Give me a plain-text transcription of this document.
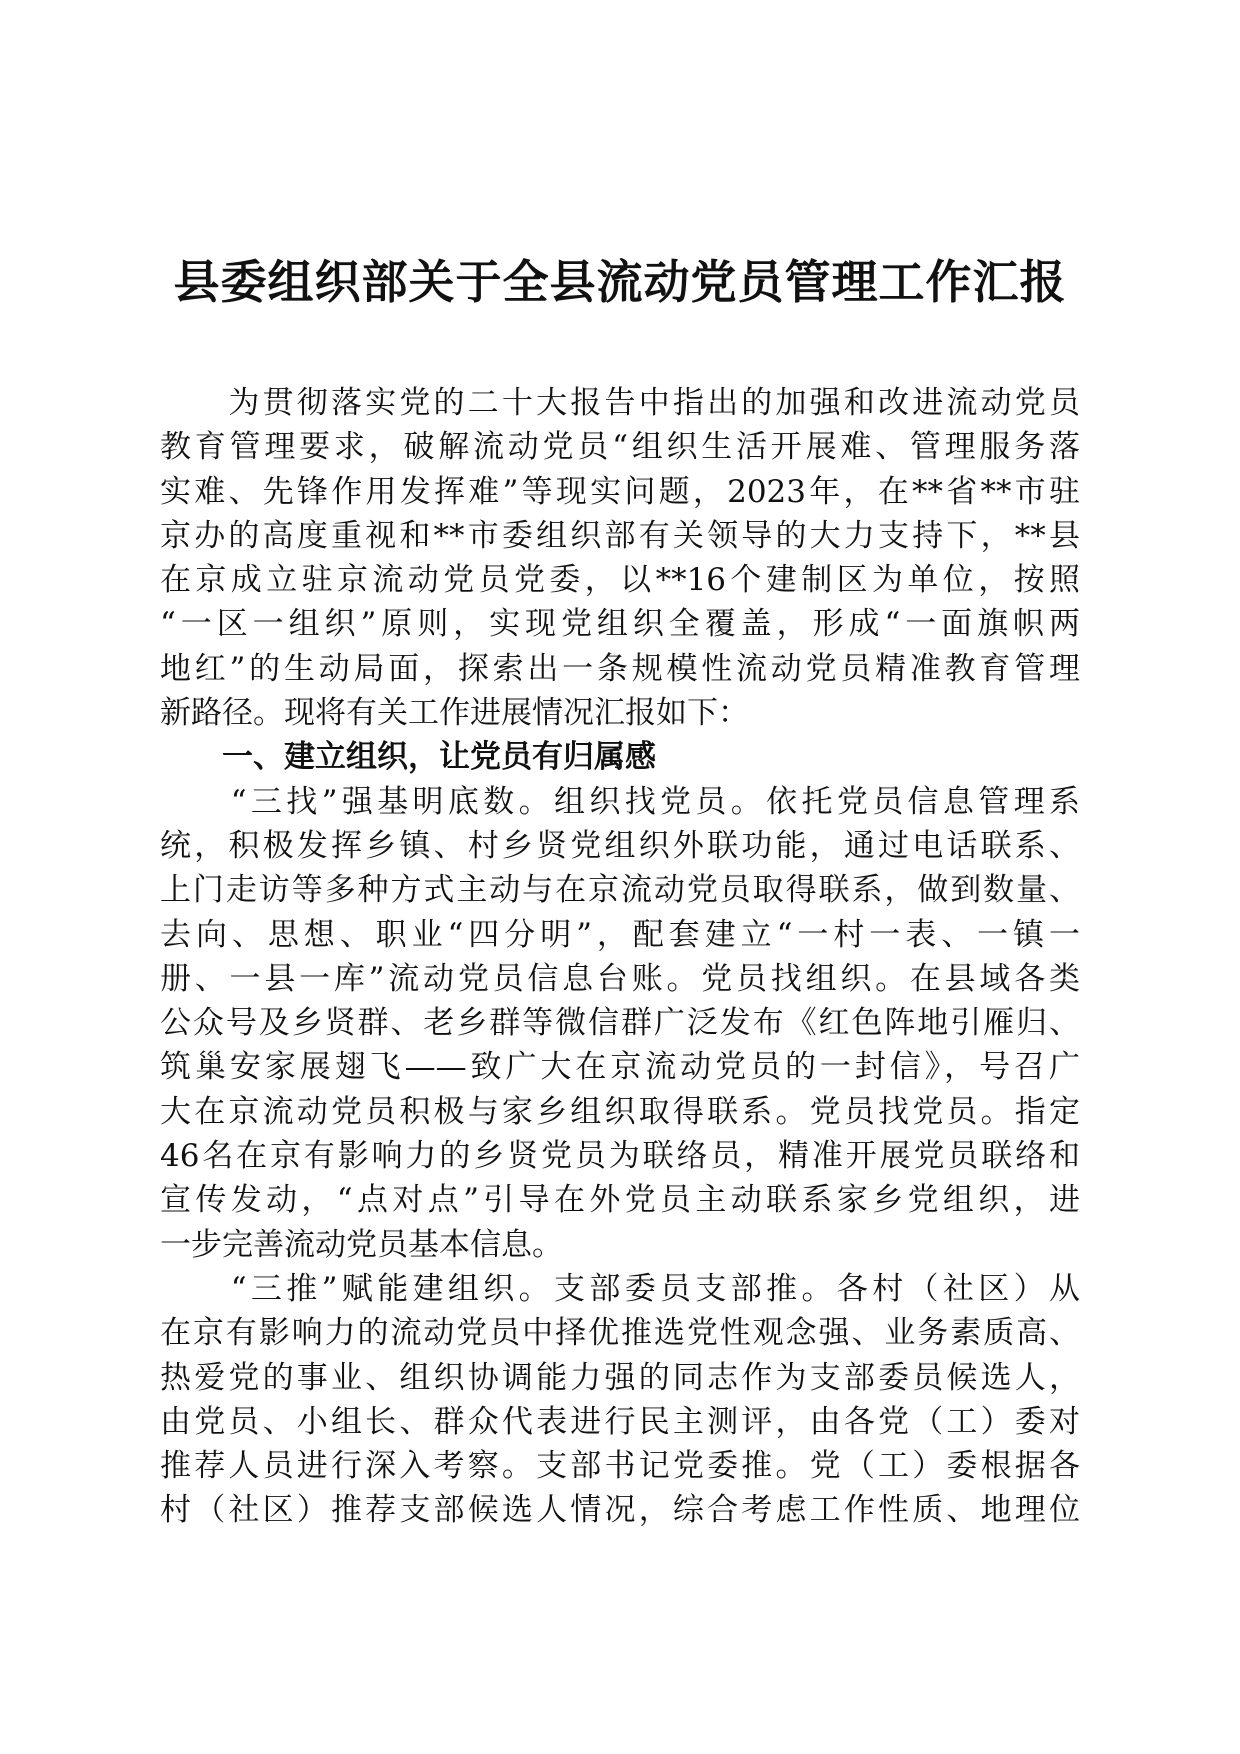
县委组织部关于全县流动党员管理工作汇报
　　为贯彻落实党的二十大报告中指出的加强和改进流动党员
教育管理要求，破解流动党员“组织生活开展难、管理服务落
实难、先锋作用发挥难”等现实问题，2023年，在**省**市驻
京办的高度重视和**市委组织部有关领导的大力支持下，**县
在京成立驻京流动党员党委，以**16个建制区为单位，按照
“一区一组织”原则，实现党组织全覆盖，形成“一面旗帜两
地红”的生动局面，探索出一条规模性流动党员精准教育管理
新路径。现将有关工作进展情况汇报如下：
　　一、建立组织，让党员有归属感
　　“三找”强基明底数。组织找党员。依托党员信息管理系
统，积极发挥乡镇、村乡贤党组织外联功能，通过电话联系、
上门走访等多种方式主动与在京流动党员取得联系，做到数量、
去向、思想、职业“四分明”，配套建立“一村一表、一镇一
册、一县一库”流动党员信息台账。党员找组织。在县域各类
公众号及乡贤群、老乡群等微信群广泛发布《红色阵地引雁归、
筑巢安家展翅飞——致广大在京流动党员的一封信》，号召广
大在京流动党员积极与家乡组织取得联系。党员找党员。指定
46名在京有影响力的乡贤党员为联络员，精准开展党员联络和
宣传发动，“点对点”引导在外党员主动联系家乡党组织，进
一步完善流动党员基本信息。
　　“三推”赋能建组织。支部委员支部推。各村（社区）从
在京有影响力的流动党员中择优推选党性观念强、业务素质高、
热爱党的事业、组织协调能力强的同志作为支部委员候选人，
由党员、小组长、群众代表进行民主测评，由各党（工）委对
推荐人员进行深入考察。支部书记党委推。党（工）委根据各
村（社区）推荐支部候选人情况，综合考虑工作性质、地理位
